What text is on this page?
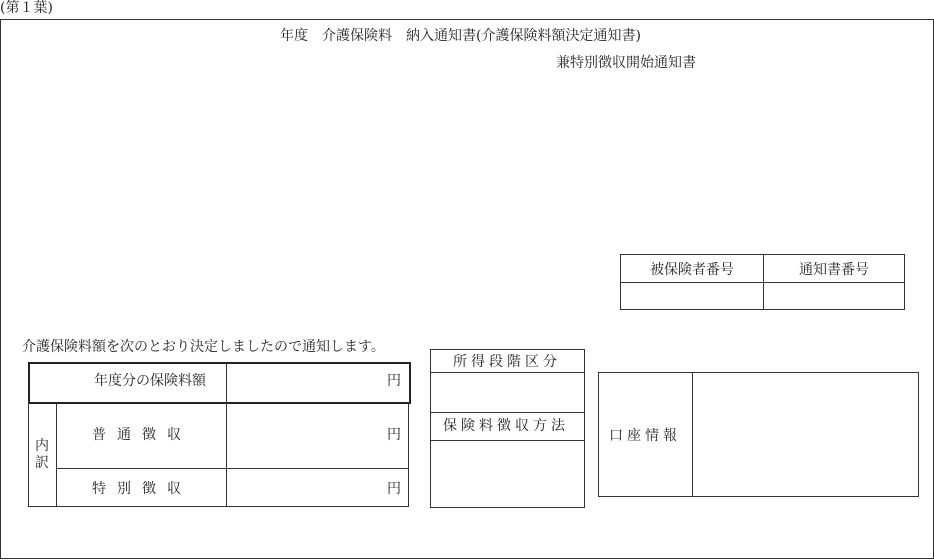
(第１葉)
年度　介護保険料　納入通知書(介護保険料額決定通知書)
兼特別徴収開始通知書
被保険者番号	通知書番号

介護保険料額を次のとおり決定しましたので通知します。
年度分の保険料額	円
内訳
普通徴収	円
特別徴収	円
所得段階区分
保険料徴収方法
口座情報
